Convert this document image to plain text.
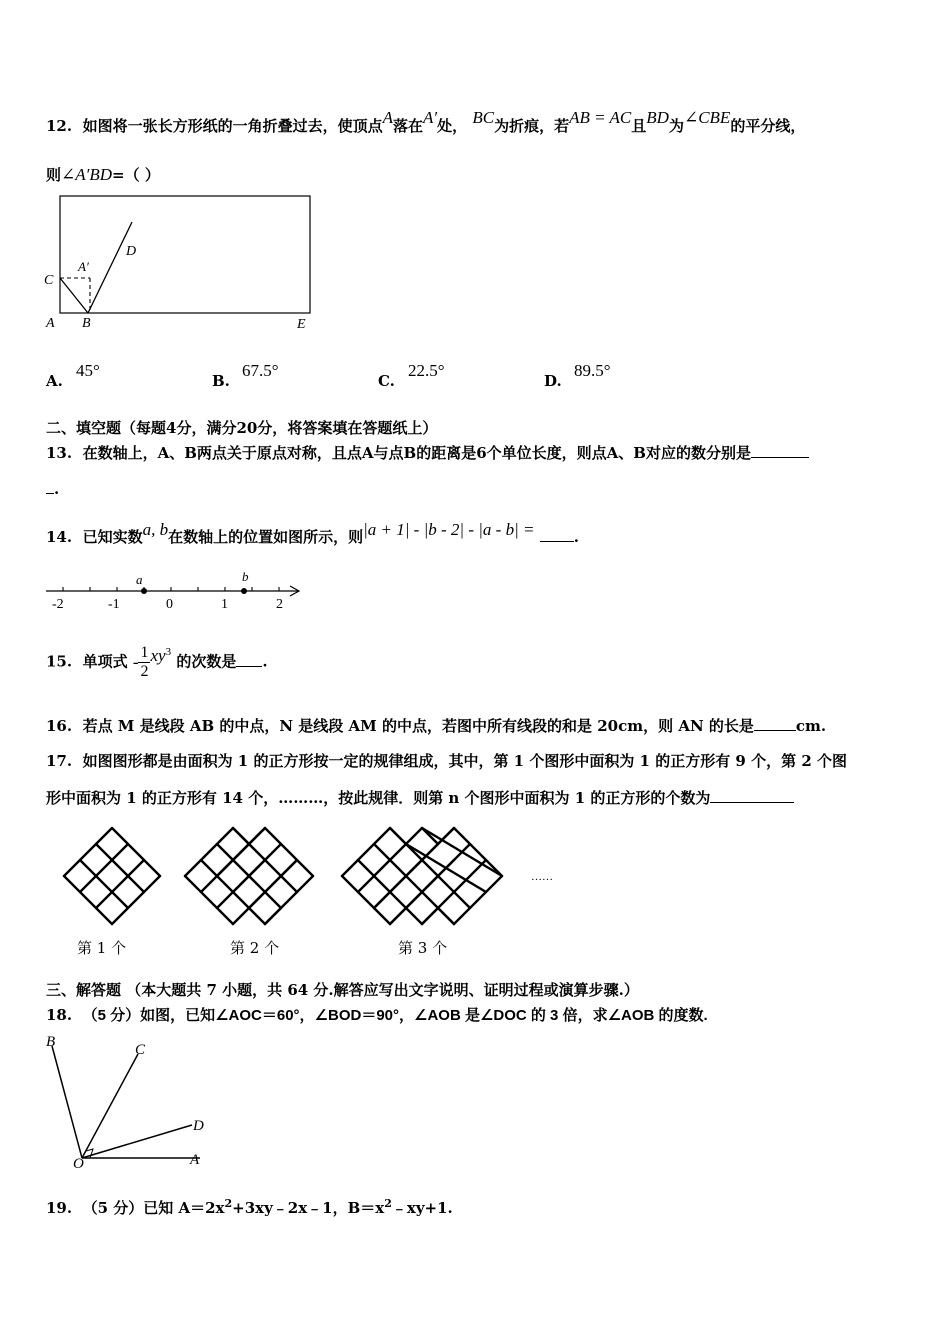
12. 如图将一张长方形纸的一角折叠过去，使顶点A落在A′处， BC为折痕，若AB = AC且BD为∠CBE的平分线，
则∠A′BD=（ ）
C
A B	E
D
A′
A.
45°
B.
67.5°
C.
22.5°
D.
89.5°
二、填空题（每题4分，满分20分，将答案填在答题纸上）
13. 在数轴上，A、B两点关于原点对称，且点A与点B的距离是6个单位长度，则点A、B对应的数分别是
.
14. 已知实数a, b在数轴上的位置如图所示，则|a + 1| - |b - 2| - |a - b| =	.
a	b
-2	-1	0	1	2
15. 单项式 - $\frac{1}{2} xy^3$ 的次数是 .
16. 若点 M 是线段 AB 的中点，N 是线段 AM 的中点，若图中所有线段的和是 20cm，则 AN 的长是	cm.
17. 如图图形都是由面积为 1 的正方形按一定的规律组成，其中，第 1 个图形中面积为 1 的正方形有 9 个，第 2 个图
形中面积为 1 的正方形有 14 个，………，按此规律．则第 n 个图形中面积为 1 的正方形的个数为
……
第 1 个	第 2 个	第 3 个
三、解答题 （本大题共 7 小题，共 64 分.解答应写出文字说明、证明过程或演算步骤.）
18. （5 分）如图，已知∠AOC＝60°，∠BOD＝90°，∠AOB 是∠DOC 的 3 倍，求∠AOB 的度数.
B	C
D
O	A
19. （5 分）已知 $A=2x^2+3xy﹣2x﹣1$，$B=x^2﹣xy+1$.
